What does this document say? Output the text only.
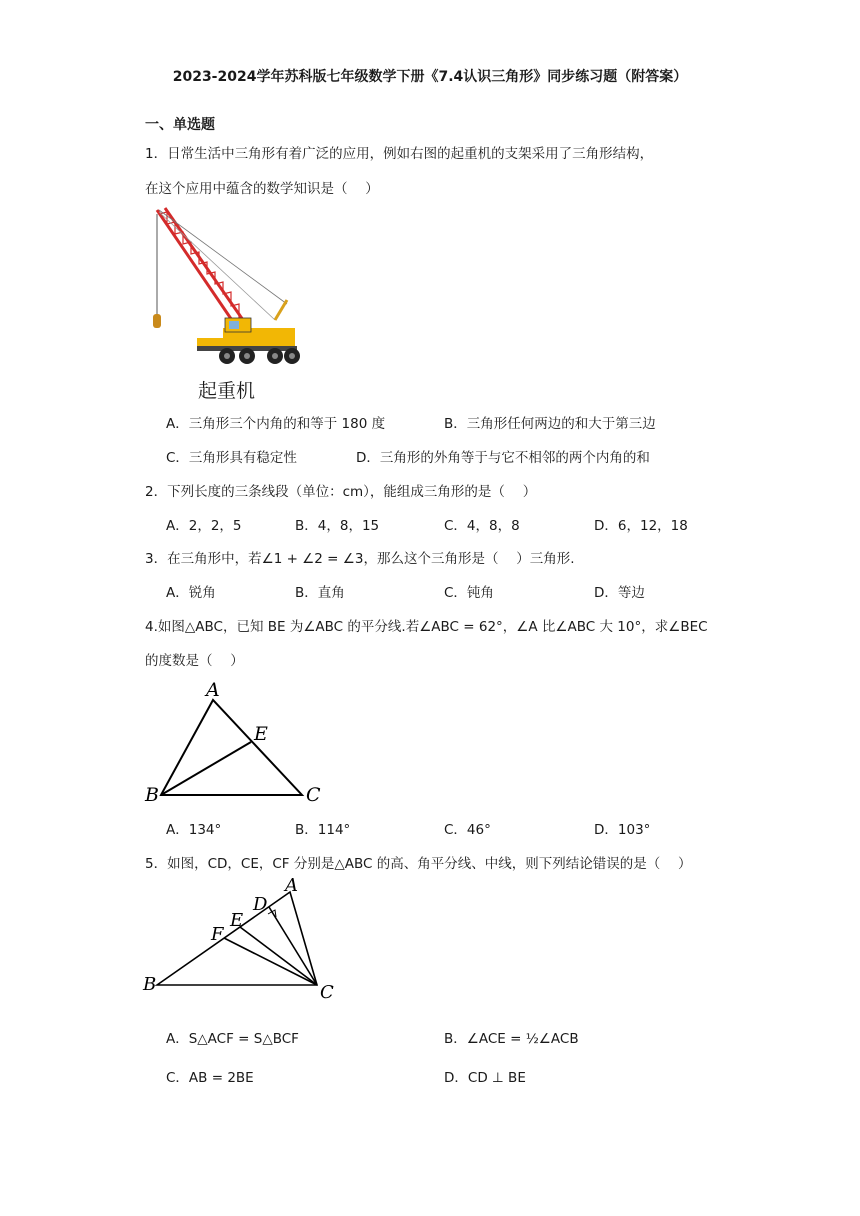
2023-2024学年苏科版七年级数学下册《7.4认识三角形》同步练习题（附答案）
一、单选题
1．日常生活中三角形有着广泛的应用，例如右图的起重机的支架采用了三角形结构，
在这个应用中蕴含的数学知识是（　 ）
起重机
A．三角形三个内角的和等于 180 度	B．三角形任何两边的和大于第三边
C．三角形具有稳定性	D．三角形的外角等于与它不相邻的两个内角的和
2．下列长度的三条线段（单位：cm），能组成三角形的是（　 ）
A．2，2，5	B．4，8，15	C．4，8，8	D．6，12，18
3．在三角形中，若∠1 + ∠2 = ∠3，那么这个三角形是（　 ）三角形.
A．锐角	B．直角	C．钝角	D．等边
4.如图△ABC，已知 BE 为∠ABC 的平分线.若∠ABC = 62°，∠A 比∠ABC 大 10°，求∠BEC
的度数是（　 ）
A
E
B	C
A．134°	B．114°	C．46°	D．103°
5．如图，CD，CE，CF 分别是△ABC 的高、角平分线、中线，则下列结论错误的是（　 ）
A
D
E
F
B	C
A．S△ACF = S△BCF	B．∠ACE = ½∠ACB
C．AB = 2BE	D．CD ⊥ BE
